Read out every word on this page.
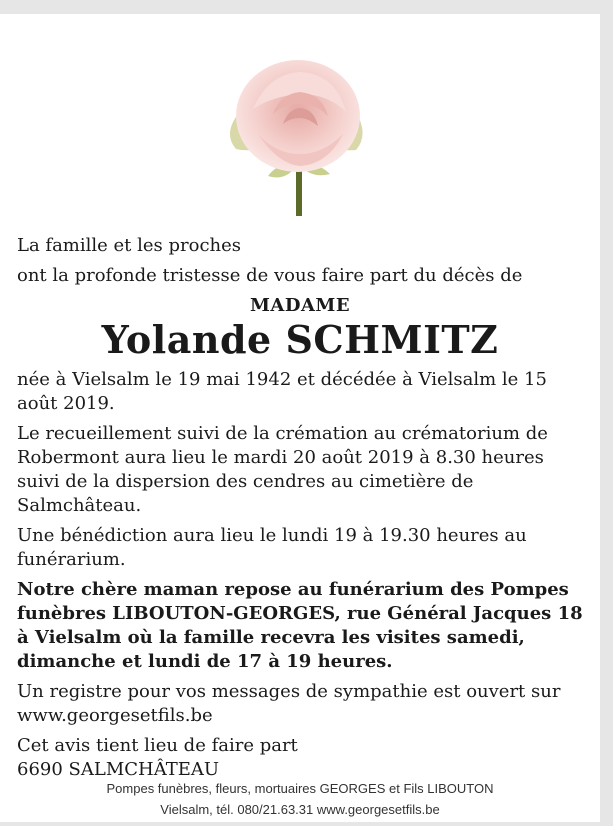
La famille et les proches

ont la profonde tristesse de vous faire part du décès de

MADAME
Yolande SCHMITZ

née à Vielsalm le 19 mai 1942 et décédée à Vielsalm le 15 août 2019.

Le recueillement suivi de la crémation au crématorium de Robermont aura lieu le mardi 20 août 2019 à 8.30 heures suivi de la dispersion des cendres au cimetière de Salmchâteau.

Une bénédiction aura lieu le lundi 19 à 19.30 heures au funérarium.

Notre chère maman repose au funérarium des Pompes funèbres LIBOUTON-GEORGES, rue Général Jacques 18 à Vielsalm où la famille recevra les visites samedi, dimanche et lundi de 17 à 19 heures.

Un registre pour vos messages de sympathie est ouvert sur
www.georgesetfils.be

Cet avis tient lieu de faire part

6690 SALMCHÂTEAU

Pompes funèbres, fleurs, mortuaires GEORGES et Fils LIBOUTON
Vielsalm, tél. 080/21.63.31 www.georgesetfils.be
